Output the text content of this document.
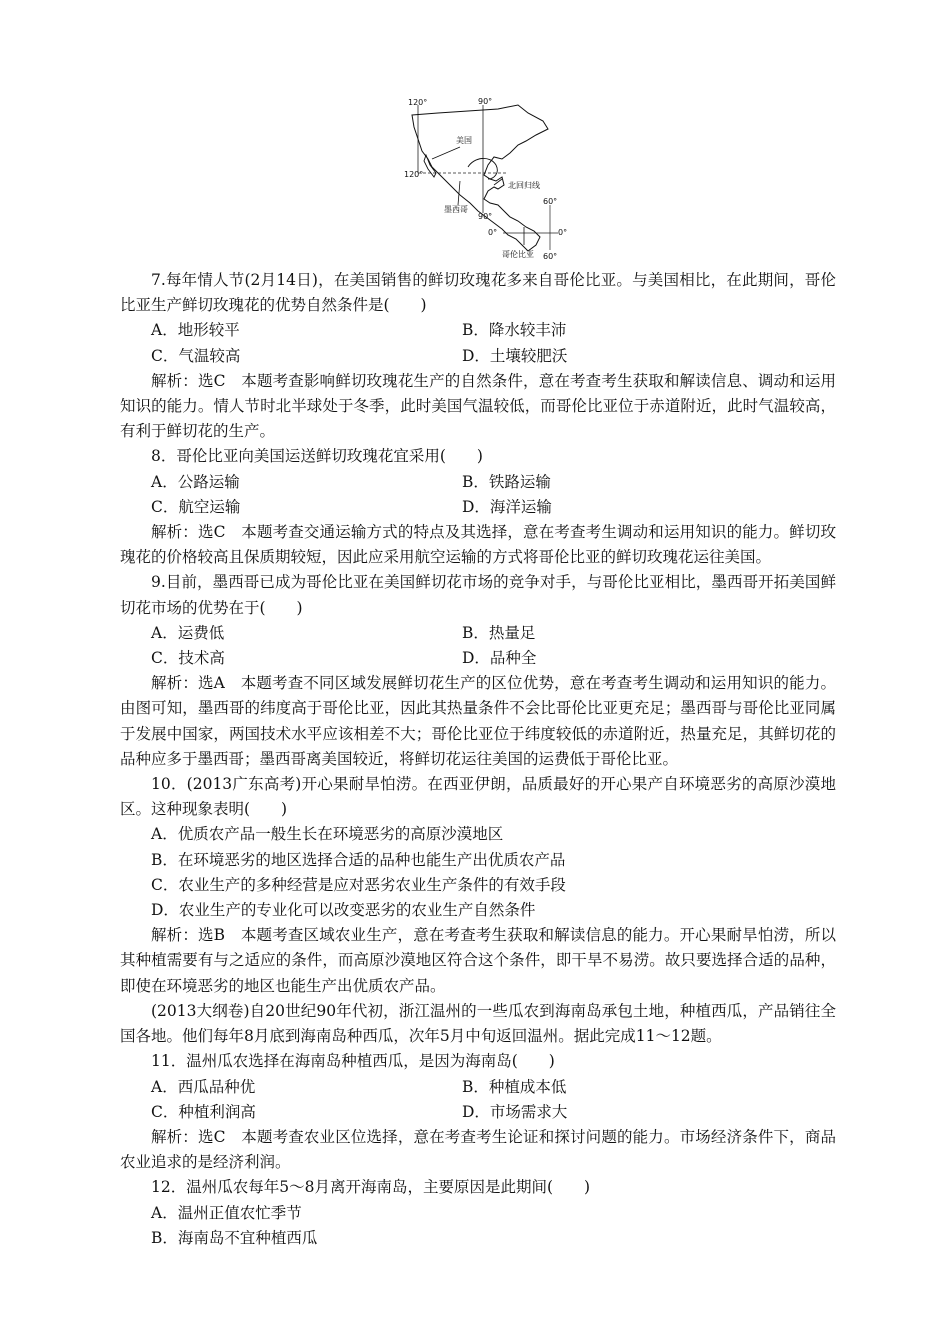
120°	90°
美国
120°
北回归线
墨西哥
90°
60°
0°	0°
哥伦比亚 60°

7.每年情人节(2月14日)，在美国销售的鲜切玫瑰花多来自哥伦比亚。与美国相比，在此期间，哥伦比亚生产鲜切玫瑰花的优势自然条件是(　　)

A．地形较平	B．降水较丰沛
C．气温较高	D．土壤较肥沃

解析：选C　本题考查影响鲜切玫瑰花生产的自然条件，意在考查考生获取和解读信息、调动和运用知识的能力。情人节时北半球处于冬季，此时美国气温较低，而哥伦比亚位于赤道附近，此时气温较高，有利于鲜切花的生产。

8．哥伦比亚向美国运送鲜切玫瑰花宜采用(　　)

A．公路运输	B．铁路运输
C．航空运输	D．海洋运输

解析：选C　本题考查交通运输方式的特点及其选择，意在考查考生调动和运用知识的能力。鲜切玫瑰花的价格较高且保质期较短，因此应采用航空运输的方式将哥伦比亚的鲜切玫瑰花运往美国。

9.目前，墨西哥已成为哥伦比亚在美国鲜切花市场的竞争对手，与哥伦比亚相比，墨西哥开拓美国鲜切花市场的优势在于(　　)

A．运费低	B．热量足
C．技术高	D．品种全

解析：选A　本题考查不同区域发展鲜切花生产的区位优势，意在考查考生调动和运用知识的能力。由图可知，墨西哥的纬度高于哥伦比亚，因此其热量条件不会比哥伦比亚更充足；墨西哥与哥伦比亚同属于发展中国家，两国技术水平应该相差不大；哥伦比亚位于纬度较低的赤道附近，热量充足，其鲜切花的品种应多于墨西哥；墨西哥离美国较近，将鲜切花运往美国的运费低于哥伦比亚。

10．(2013广东高考)开心果耐旱怕涝。在西亚伊朗，品质最好的开心果产自环境恶劣的高原沙漠地区。这种现象表明(　　)

A．优质农产品一般生长在环境恶劣的高原沙漠地区

B．在环境恶劣的地区选择合适的品种也能生产出优质农产品

C．农业生产的多种经营是应对恶劣农业生产条件的有效手段

D．农业生产的专业化可以改变恶劣的农业生产自然条件

解析：选B　本题考查区域农业生产，意在考查考生获取和解读信息的能力。开心果耐旱怕涝，所以其种植需要有与之适应的条件，而高原沙漠地区符合这个条件，即干旱不易涝。故只要选择合适的品种，即使在环境恶劣的地区也能生产出优质农产品。

(2013大纲卷)自20世纪90年代初，浙江温州的一些瓜农到海南岛承包土地，种植西瓜，产品销往全国各地。他们每年8月底到海南岛种西瓜，次年5月中旬返回温州。据此完成11～12题。

11．温州瓜农选择在海南岛种植西瓜，是因为海南岛(　　)

A．西瓜品种优	B．种植成本低
C．种植利润高	D．市场需求大

解析：选C　本题考查农业区位选择，意在考查考生论证和探讨问题的能力。市场经济条件下，商品农业追求的是经济利润。

12．温州瓜农每年5～8月离开海南岛，主要原因是此期间(　　)

A．温州正值农忙季节

B．海南岛不宜种植西瓜
